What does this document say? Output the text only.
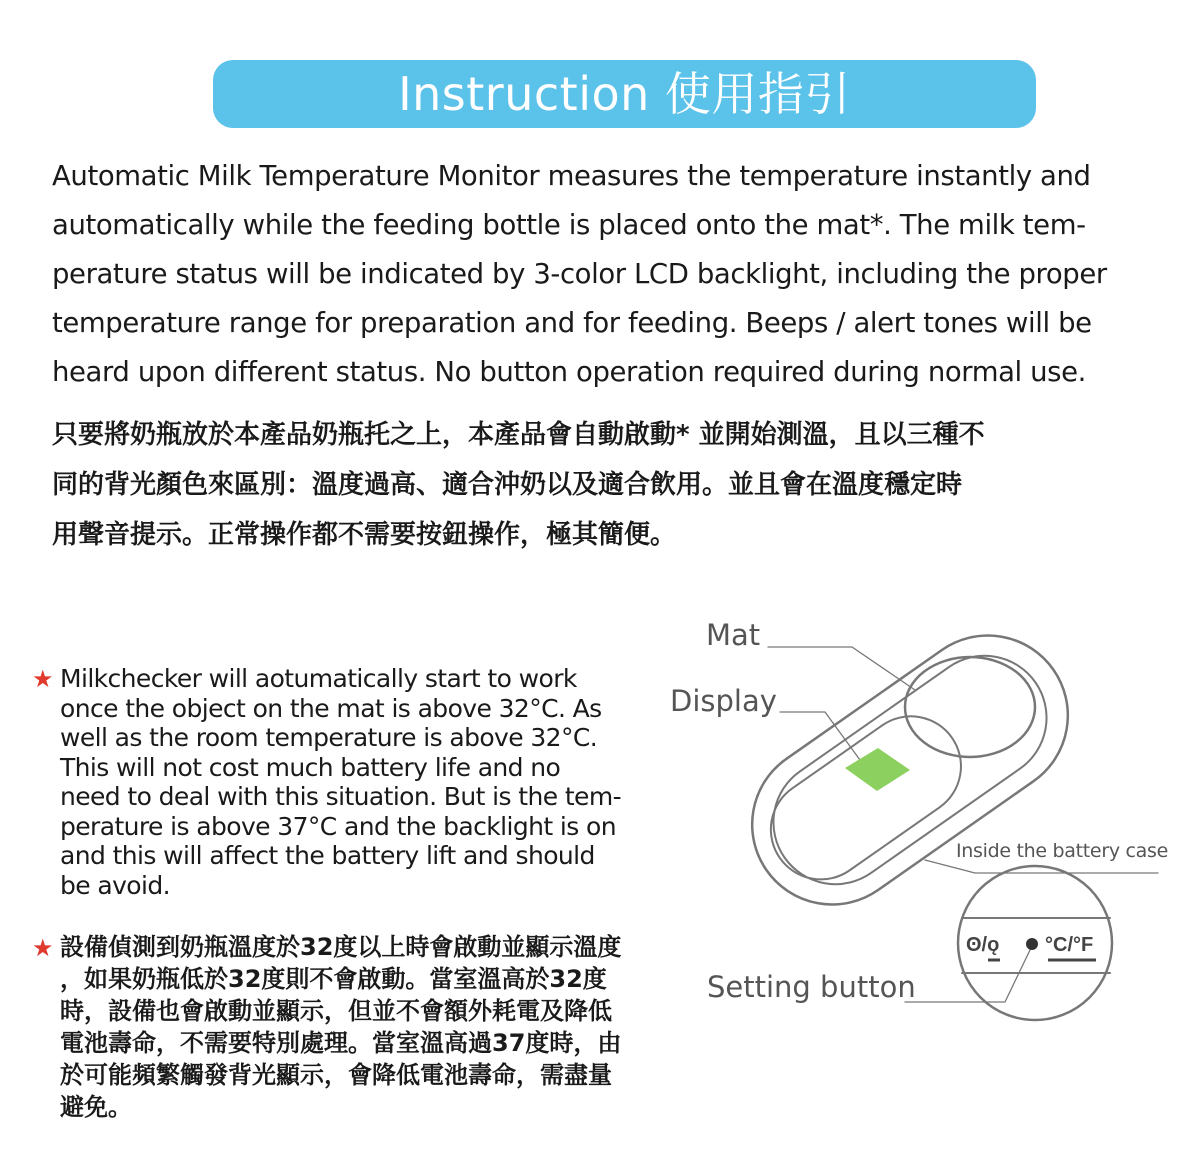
Instruction 使用指引
Automatic Milk Temperature Monitor measures the temperature instantly and
automatically while the feeding bottle is placed onto the mat*. The milk tem-
perature status will be indicated by 3-color LCD backlight, including the proper
temperature range for preparation and for feeding. Beeps / alert tones will be
heard upon different status. No button operation required during normal use.
只要將奶瓶放於本產品奶瓶托之上，本產品會自動啟動* 並開始測溫，且以三種不
同的背光顏色來區別：溫度過高、適合沖奶以及適合飲用。並且會在溫度穩定時
用聲音提示。正常操作都不需要按鈕操作，極其簡便。
★ Milkchecker will aotumatically start to work
once the object on the mat is above 32°C. As
well as the room temperature is above 32°C.
This will not cost much battery life and no
need to deal with this situation. But is the tem-
perature is above 37°C and the backlight is on
and this will affect the battery lift and should
be avoid.
★ 設備偵測到奶瓶溫度於32度以上時會啟動並顯示溫度
，如果奶瓶低於32度則不會啟動。當室溫高於32度
時，設備也會啟動並顯示，但並不會額外耗電及降低
電池壽命，不需要特別處理。當室溫高過37度時，由
於可能頻繁觸發背光顯示，會降低電池壽命，需盡量
避免。
ʘ/ǫ °C/°F
Mat
Display
Inside the battery case
Setting button
